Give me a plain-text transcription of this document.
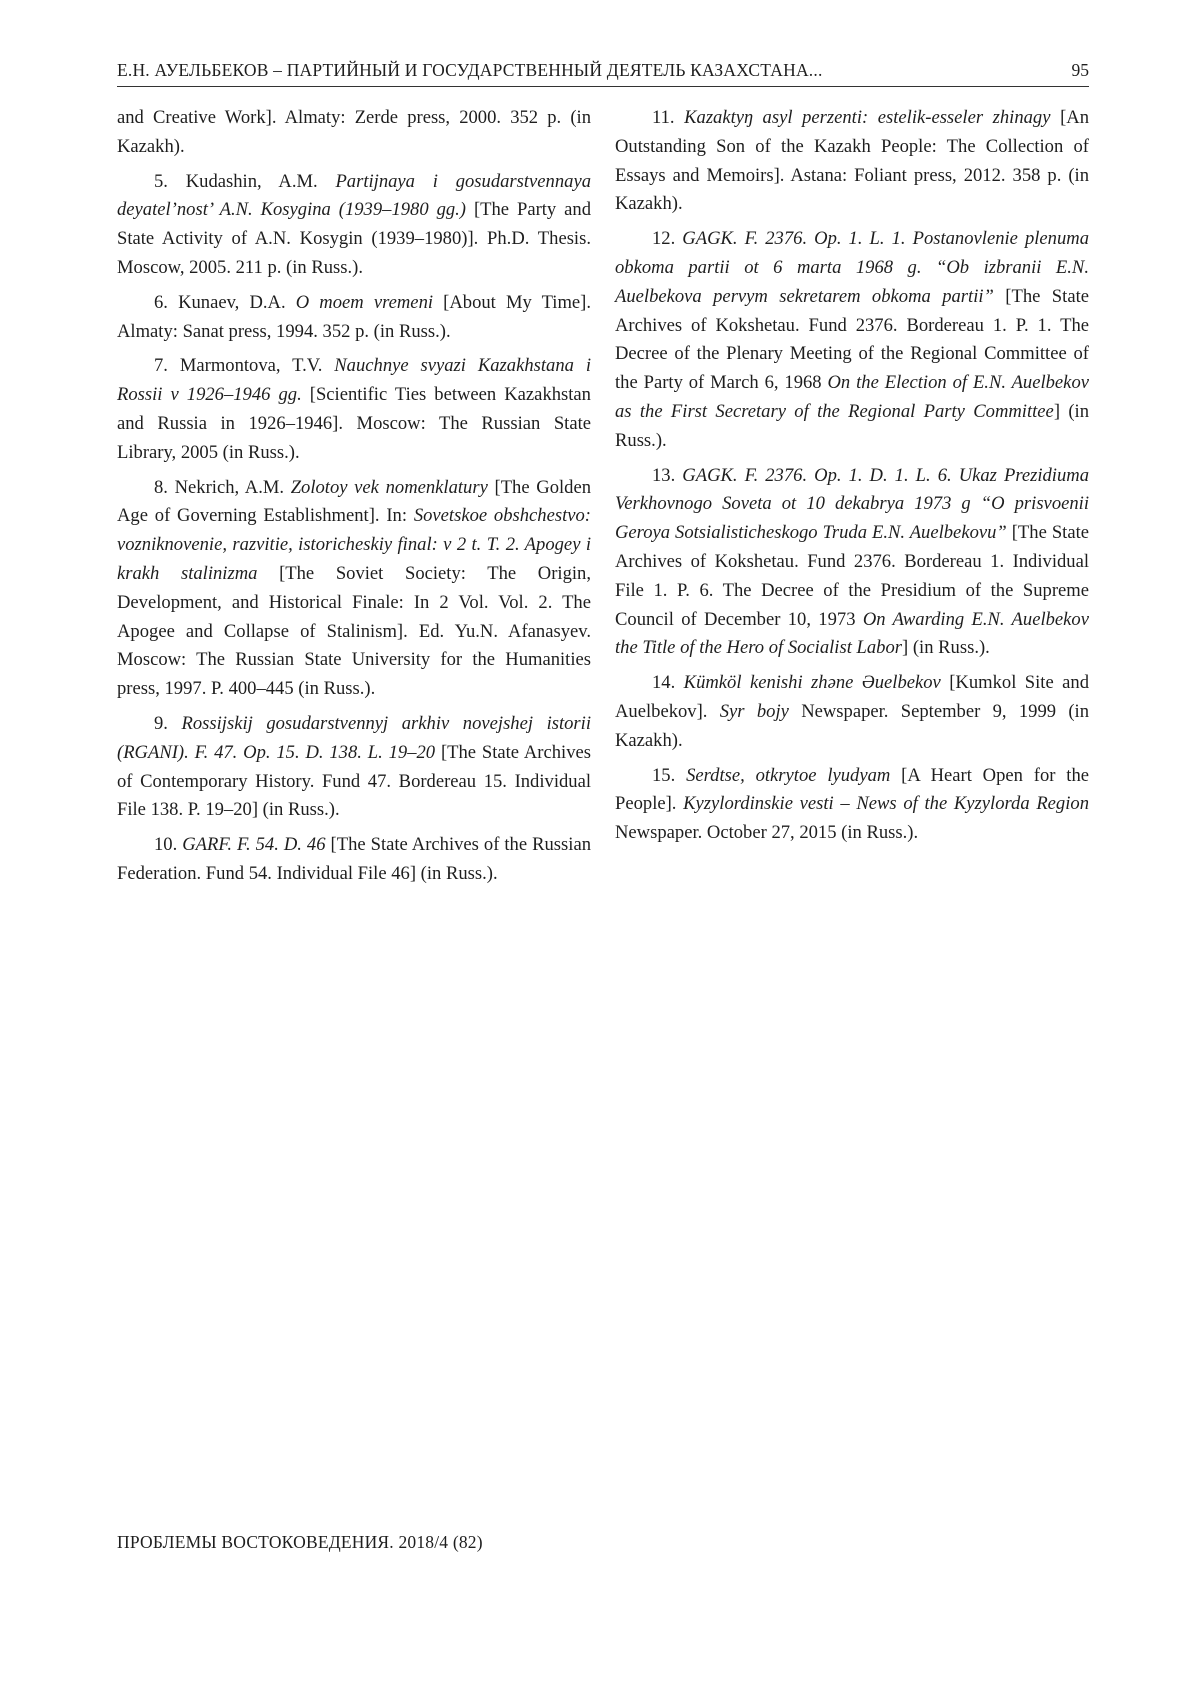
Е.Н. АУЕЛЬБЕКОВ – ПАРТИЙНЫЙ И ГОСУДАРСТВЕННЫЙ ДЕЯТЕЛЬ КАЗАХСТАНА...	95

and Creative Work]. Almaty: Zerde press, 2000. 352 p. (in Kazakh).

5. Kudashin, A.M. Partijnaya i gosudarstvennaya deyatel’nost’ A.N. Kosygina (1939–1980 gg.) [The Party and State Activity of A.N. Kosygin (1939–1980)]. Ph.D. Thesis. Moscow, 2005. 211 p. (in Russ.).

6. Kunaev, D.A. O moem vremeni [About My Time]. Almaty: Sanat press, 1994. 352 p. (in Russ.).

7. Marmontova, T.V. Nauchnye svyazi Kazakhstana i Rossii v 1926–1946 gg. [Scientific Ties between Kazakhstan and Russia in 1926–1946]. Moscow: The Russian State Library, 2005 (in Russ.).

8. Nekrich, A.M. Zolotoy vek nomenklatury [The Golden Age of Governing Establishment]. In: Sovetskoe obshchestvo: vozniknovenie, razvitie, istoricheskiy final: v 2 t. T. 2. Apogey i krakh stalinizma [The Soviet Society: The Origin, Development, and Historical Finale: In 2 Vol. Vol. 2. The Apogee and Collapse of Stalinism]. Ed. Yu.N. Afanasyev. Moscow: The Russian State University for the Humanities press, 1997. P. 400–445 (in Russ.).

9. Rossijskij gosudarstvennyj arkhiv novejshej istorii (RGANI). F. 47. Op. 15. D. 138. L. 19–20 [The State Archives of Contemporary History. Fund 47. Bordereau 15. Individual File 138. P. 19–20] (in Russ.).

10. GARF. F. 54. D. 46 [The State Archives of the Russian Federation. Fund 54. Individual File 46] (in Russ.).

11. Kazaktyŋ asyl perzenti: estelik-esseler zhinagy [An Outstanding Son of the Kazakh People: The Collection of Essays and Memoirs]. Astana: Foliant press, 2012. 358 p. (in Kazakh).

12. GAGK. F. 2376. Op. 1. L. 1. Postanovlenie plenuma obkoma partii ot 6 marta 1968 g. “Ob izbranii E.N. Auelbekova pervym sekretarem obkoma partii” [The State Archives of Kokshetau. Fund 2376. Bordereau 1. P. 1. The Decree of the Plenary Meeting of the Regional Committee of the Party of March 6, 1968 On the Election of E.N. Auelbekov as the First Secretary of the Regional Party Committee] (in Russ.).

13. GAGK. F. 2376. Op. 1. D. 1. L. 6. Ukaz Prezidiuma Verkhovnogo Soveta ot 10 dekabrya 1973 g “O prisvoenii Geroya Sotsialisticheskogo Truda E.N. Auelbekovu” [The State Archives of Kokshetau. Fund 2376. Bordereau 1. Individual File 1. P. 6. The Decree of the Presidium of the Supreme Council of December 10, 1973 On Awarding E.N. Auelbekov the Title of the Hero of Socialist Labor] (in Russ.).

14. Kümköl kenishi zhəne Əuelbekov [Kumkol Site and Auelbekov]. Syr bojy Newspaper. September 9, 1999 (in Kazakh).

15. Serdtse, otkrytoe lyudyam [A Heart Open for the People]. Kyzylordinskie vesti – News of the Kyzylorda Region Newspaper. October 27, 2015 (in Russ.).

ПРОБЛЕМЫ ВОСТОКОВЕДЕНИЯ. 2018/4 (82)
